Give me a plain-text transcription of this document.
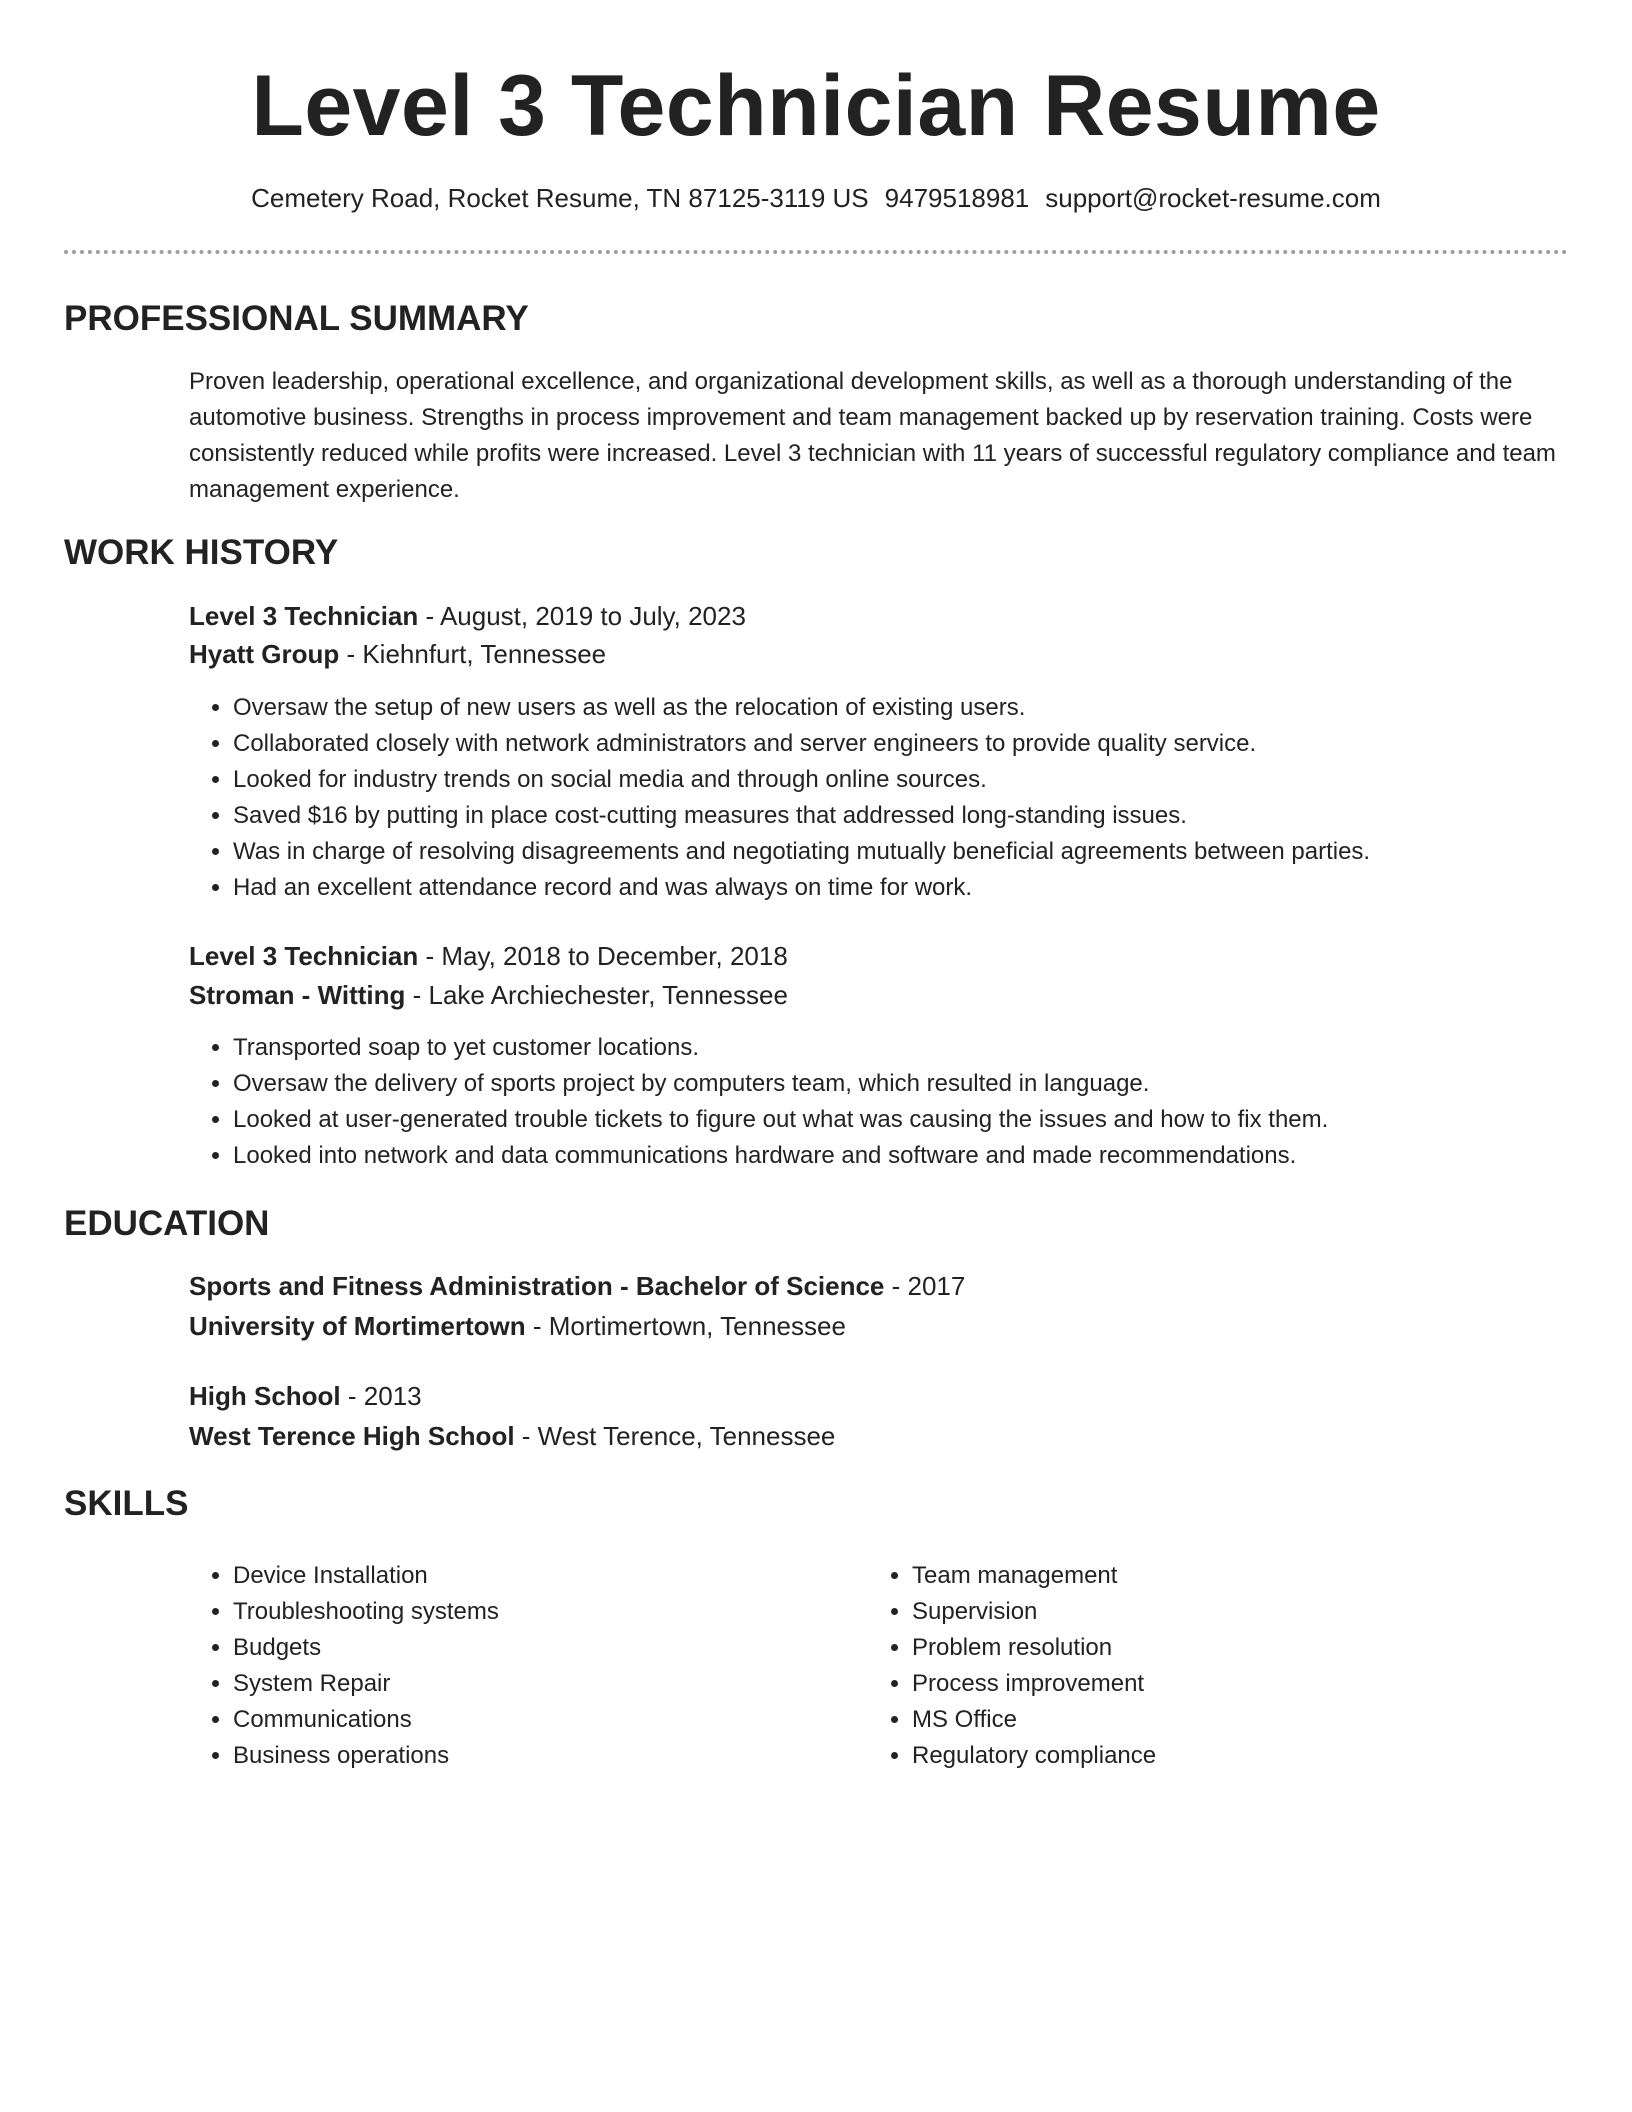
Level 3 Technician Resume
Cemetery Road, Rocket Resume, TN 87125-3119 US 9479518981 support@rocket-resume.com
PROFESSIONAL SUMMARY

Proven leadership, operational excellence, and organizational development skills, as well as a thorough understanding of the automotive business. Strengths in process improvement and team management backed up by reservation training. Costs were consistently reduced while profits were increased. Level 3 technician with 11 years of successful regulatory compliance and team management experience.

WORK HISTORY
Level 3 Technician - August, 2019 to July, 2023
Hyatt Group - Kiehnfurt, Tennessee
• Oversaw the setup of new users as well as the relocation of existing users.
• Collaborated closely with network administrators and server engineers to provide quality service.
• Looked for industry trends on social media and through online sources.
• Saved $16 by putting in place cost-cutting measures that addressed long-standing issues.
• Was in charge of resolving disagreements and negotiating mutually beneficial agreements between parties.
• Had an excellent attendance record and was always on time for work.
Level 3 Technician - May, 2018 to December, 2018
Stroman - Witting - Lake Archiechester, Tennessee
• Transported soap to yet customer locations.
• Oversaw the delivery of sports project by computers team, which resulted in language.
• Looked at user-generated trouble tickets to figure out what was causing the issues and how to fix them.
• Looked into network and data communications hardware and software and made recommendations.
EDUCATION
Sports and Fitness Administration - Bachelor of Science - 2017
University of Mortimertown - Mortimertown, Tennessee
High School - 2013
West Terence High School - West Terence, Tennessee
SKILLS
• Device Installation
• Troubleshooting systems
• Budgets
• System Repair
• Communications
• Business operations
• Team management
• Supervision
• Problem resolution
• Process improvement
• MS Office
• Regulatory compliance
